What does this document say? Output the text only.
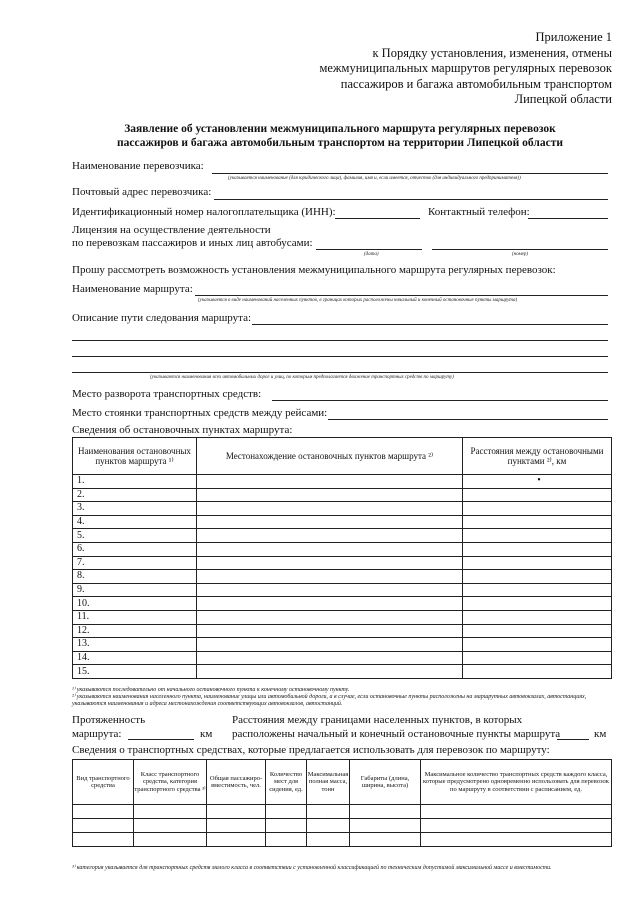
Приложение 1
к Порядку установления, изменения, отмены
межмуниципальных маршрутов регулярных перевозок
пассажиров и багажа автомобильным транспортом
Липецкой области
Заявление об установлении межмуниципального маршрута регулярных перевозок
пассажиров и багажа автомобильным транспортом на территории Липецкой области
Наименование перевозчика:
(указывается наименование (для юридического лица), фамилия, имя и, если имеется, отчество (для индивидуального предпринимателя))
Почтовый адрес перевозчика:
Идентификационный номер налогоплательщика (ИНН):	Контактный телефон:
Лицензия на осуществление деятельности
по перевозкам пассажиров и иных лиц автобусами:
(дата)	(номер)
Прошу рассмотреть возможность установления межмуниципального маршрута регулярных перевозок:
Наименование маршрута:
(указывается в виде наименований населенных пунктов, в границах которых расположены начальный и конечный остановочные пункты маршрута)
Описание пути следования маршрута:
(указываются наименования всех автомобильных дорог и улиц, по которым предполагается движение транспортных средств по маршруту)
Место разворота транспортных средств:
Место стоянки транспортных средств между рейсами:
Сведения об остановочных пунктах маршрута:
Наименования остановочных пунктов маршрута ¹⁾	Местонахождение остановочных пунктов маршрута ²⁾	Расстояния между остановочными пунктами ²⁾, км
1.		•
2.		
3.		
4.		
5.		
6.		
7.		
8.		
9.		
10.		
11.		
12.		
13.		
14.		
15.		
¹⁾ указываются последовательно от начального остановочного пункта к конечному остановочному пункту.
²⁾ указываются наименования населенного пункта, наименование улицы или автомобильной дороги, а в случае, если остановочные пункты расположены на маршрутных автовокзалах, автостанциях, указываются наименования и адреса местонахождения соответствующих автовокзалов, автостанций.
Протяженность
маршрута:	км
Расстояния между границами населенных пунктов, в которых
расположены начальный и конечный остановочные пункты маршрута	км
Сведения о транспортных средствах, которые предлагается использовать для перевозок по маршруту:
Вид транспортного средства	Класс транспортного средства, категория транспортного средства ³⁾	Общая пассажиро-вместимость, чел.	Количество мест для сидения, ед.	Максимальная полная масса, тонн	Габариты (длина, ширина, высота)	Максимальное количество транспортных средств каждого класса, которые предусмотрено одновременно использовать для перевозок по маршруту в соответствии с расписанием, ед.

³⁾ категория указывается для транспортных средств малого класса в соответствии с установленной классификацией по техническим допустимой максимальной массе и вместимости.
